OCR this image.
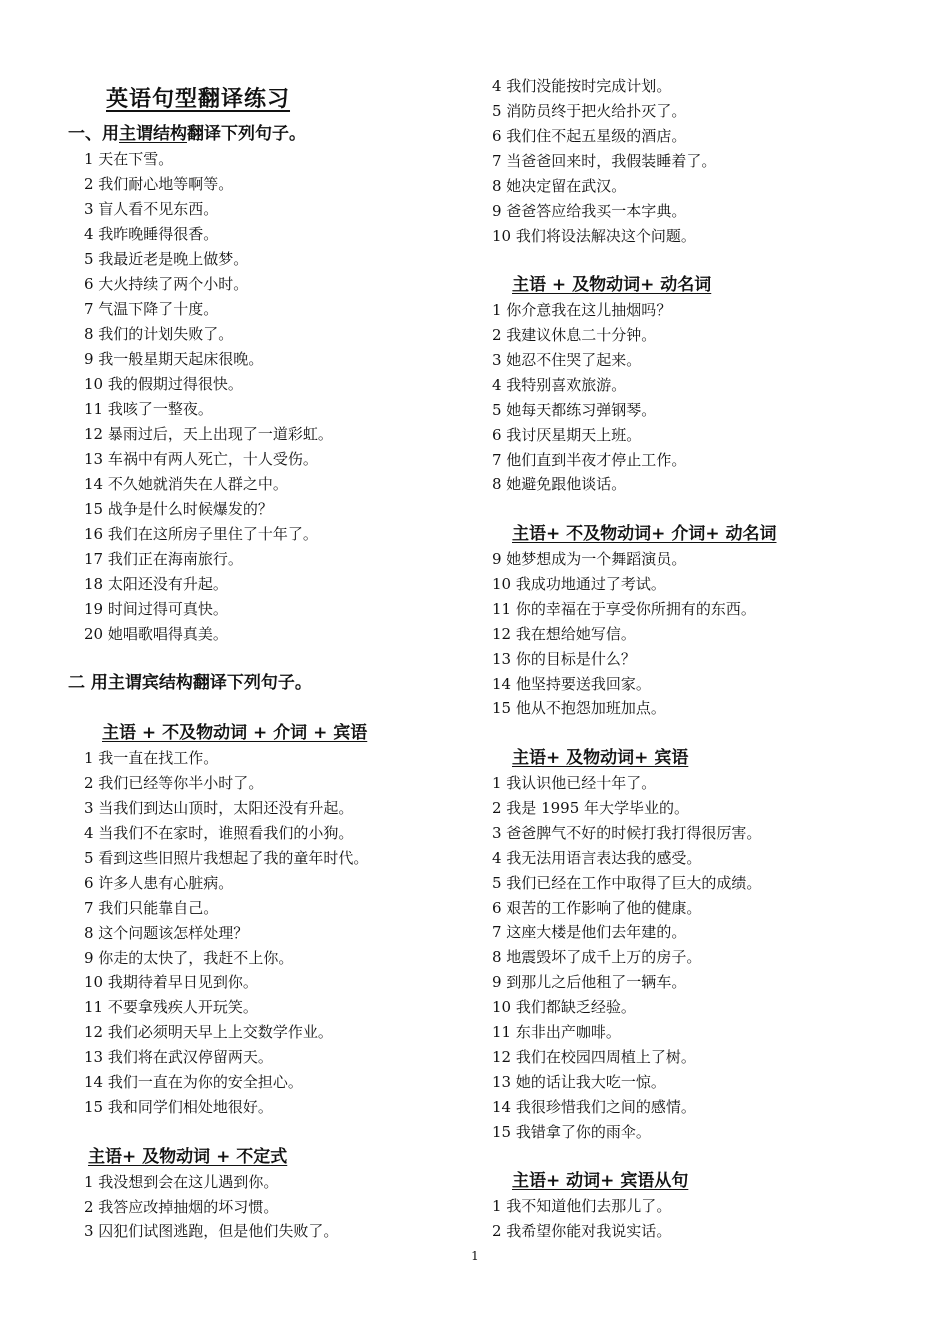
英语句型翻译练习
一、用主谓结构翻译下列句子。
1 天在下雪。
2 我们耐心地等啊等。
3 盲人看不见东西。
4 我昨晚睡得很香。
5 我最近老是晚上做梦。
6 大火持续了两个小时。
7 气温下降了十度。
8 我们的计划失败了。
9 我一般星期天起床很晚。
10 我的假期过得很快。
11 我咳了一整夜。
12 暴雨过后，天上出现了一道彩虹。
13 车祸中有两人死亡，十人受伤。
14 不久她就消失在人群之中。
15 战争是什么时候爆发的？
16 我们在这所房子里住了十年了。
17 我们正在海南旅行。
18 太阳还没有升起。
19 时间过得可真快。
20 她唱歌唱得真美。
二 用主谓宾结构翻译下列句子。
主语 + 不及物动词 + 介词 + 宾语
1 我一直在找工作。
2 我们已经等你半小时了。
3 当我们到达山顶时，太阳还没有升起。
4 当我们不在家时，谁照看我们的小狗。
5 看到这些旧照片我想起了我的童年时代。
6 许多人患有心脏病。
7 我们只能靠自己。
8 这个问题该怎样处理？
9 你走的太快了，我赶不上你。
10 我期待着早日见到你。
11 不要拿残疾人开玩笑。
12 我们必须明天早上上交数学作业。
13 我们将在武汉停留两天。
14 我们一直在为你的安全担心。
15 我和同学们相处地很好。
主语+ 及物动词 + 不定式
1 我没想到会在这儿遇到你。
2 我答应改掉抽烟的坏习惯。
3 囚犯们试图逃跑，但是他们失败了。
4 我们没能按时完成计划。
5 消防员终于把火给扑灭了。
6 我们住不起五星级的酒店。
7 当爸爸回来时，我假装睡着了。
8 她决定留在武汉。
9 爸爸答应给我买一本字典。
10 我们将设法解决这个问题。
主语 + 及物动词+ 动名词
1 你介意我在这儿抽烟吗？
2 我建议休息二十分钟。
3 她忍不住哭了起来。
4 我特别喜欢旅游。
5 她每天都练习弹钢琴。
6 我讨厌星期天上班。
7 他们直到半夜才停止工作。
8 她避免跟他谈话。
主语+ 不及物动词+ 介词+ 动名词
9 她梦想成为一个舞蹈演员。
10 我成功地通过了考试。
11 你的幸福在于享受你所拥有的东西。
12 我在想给她写信。
13 你的目标是什么？
14 他坚持要送我回家。
15 他从不抱怨加班加点。
主语+ 及物动词+ 宾语
1 我认识他已经十年了。
2 我是 1995 年大学毕业的。
3 爸爸脾气不好的时候打我打得很厉害。
4 我无法用语言表达我的感受。
5 我们已经在工作中取得了巨大的成绩。
6 艰苦的工作影响了他的健康。
7 这座大楼是他们去年建的。
8 地震毁坏了成千上万的房子。
9 到那儿之后他租了一辆车。
10 我们都缺乏经验。
11 东非出产咖啡。
12 我们在校园四周植上了树。
13 她的话让我大吃一惊。
14 我很珍惜我们之间的感情。
15 我错拿了你的雨伞。
主语+ 动词+ 宾语从句
1 我不知道他们去那儿了。
2 我希望你能对我说实话。
1
